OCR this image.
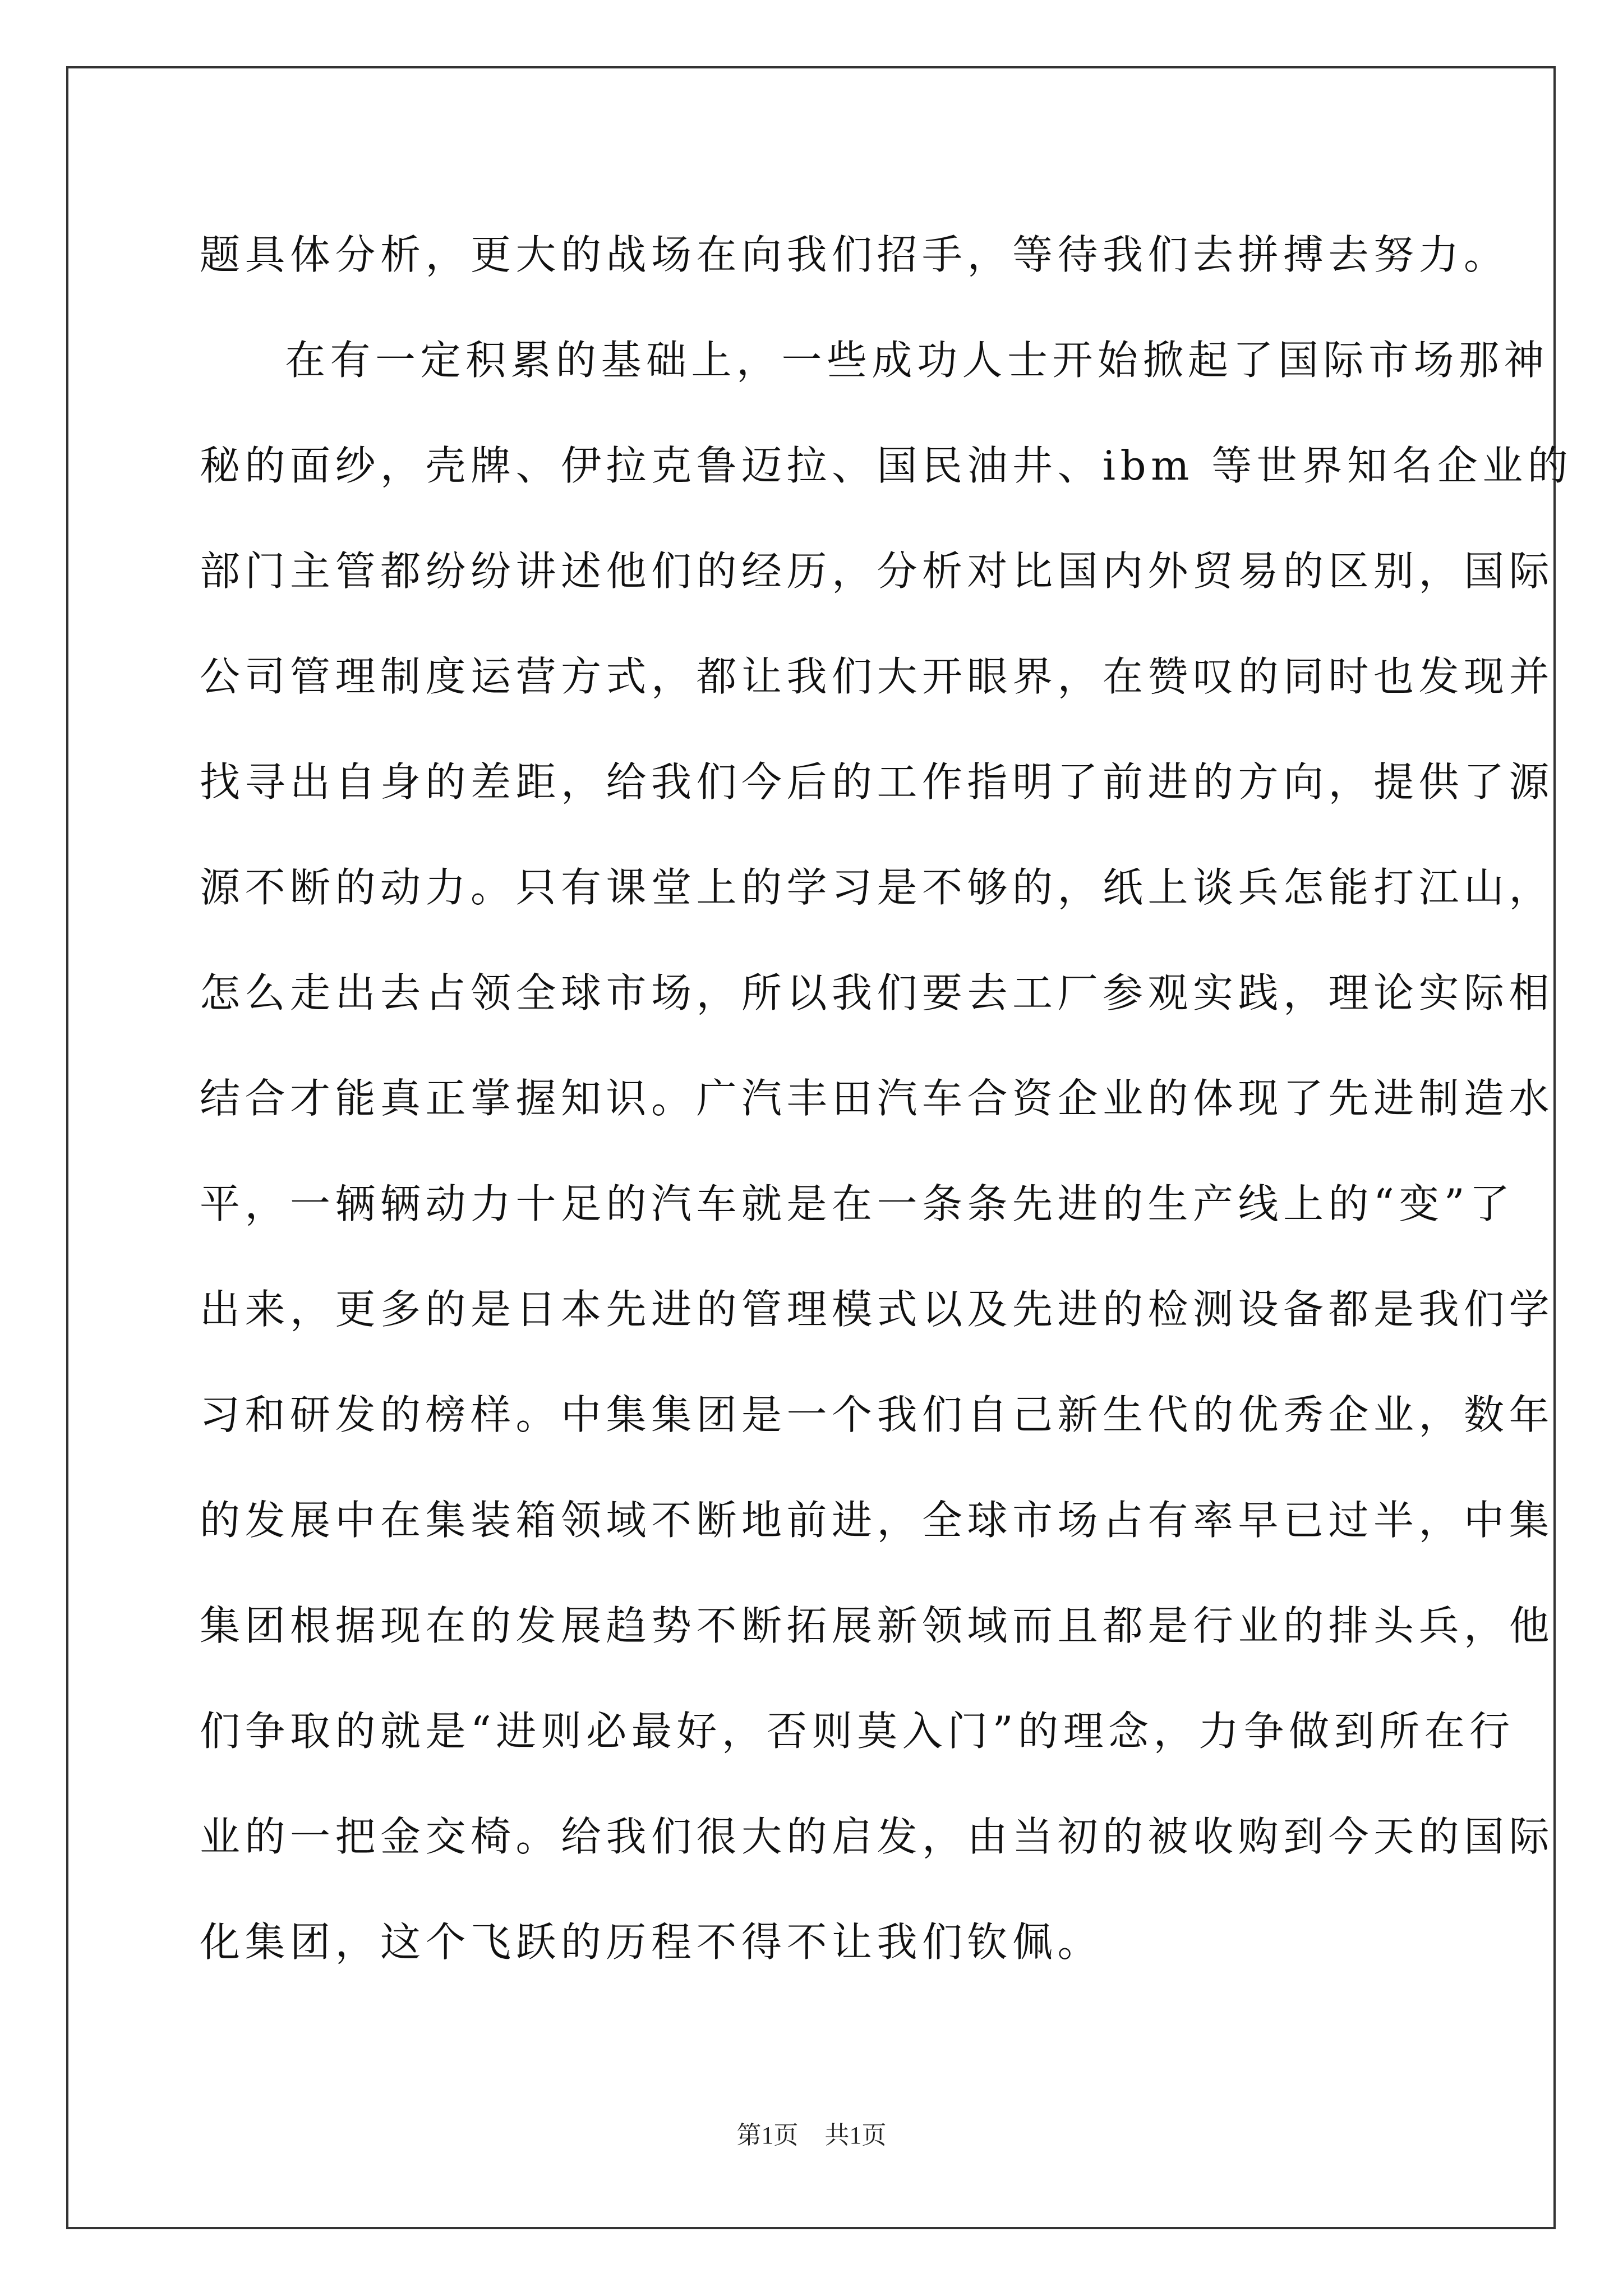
题具体分析，更大的战场在向我们招手，等待我们去拼搏去努力。
在有一定积累的基础上，一些成功人士开始掀起了国际市场那神
秘的面纱，壳牌、伊拉克鲁迈拉、国民油井、ibm 等世界知名企业的
部门主管都纷纷讲述他们的经历，分析对比国内外贸易的区别，国际
公司管理制度运营方式，都让我们大开眼界，在赞叹的同时也发现并
找寻出自身的差距，给我们今后的工作指明了前进的方向，提供了源
源不断的动力。只有课堂上的学习是不够的，纸上谈兵怎能打江山，
怎么走出去占领全球市场，所以我们要去工厂参观实践，理论实际相
结合才能真正掌握知识。广汽丰田汽车合资企业的体现了先进制造水
平，一辆辆动力十足的汽车就是在一条条先进的生产线上的“变”了
出来，更多的是日本先进的管理模式以及先进的检测设备都是我们学
习和研发的榜样。中集集团是一个我们自己新生代的优秀企业，数年
的发展中在集装箱领域不断地前进，全球市场占有率早已过半，中集
集团根据现在的发展趋势不断拓展新领域而且都是行业的排头兵，他
们争取的就是“进则必最好，否则莫入门”的理念，力争做到所在行
业的一把金交椅。给我们很大的启发，由当初的被收购到今天的国际
化集团，这个飞跃的历程不得不让我们钦佩。
第1页 共1页
